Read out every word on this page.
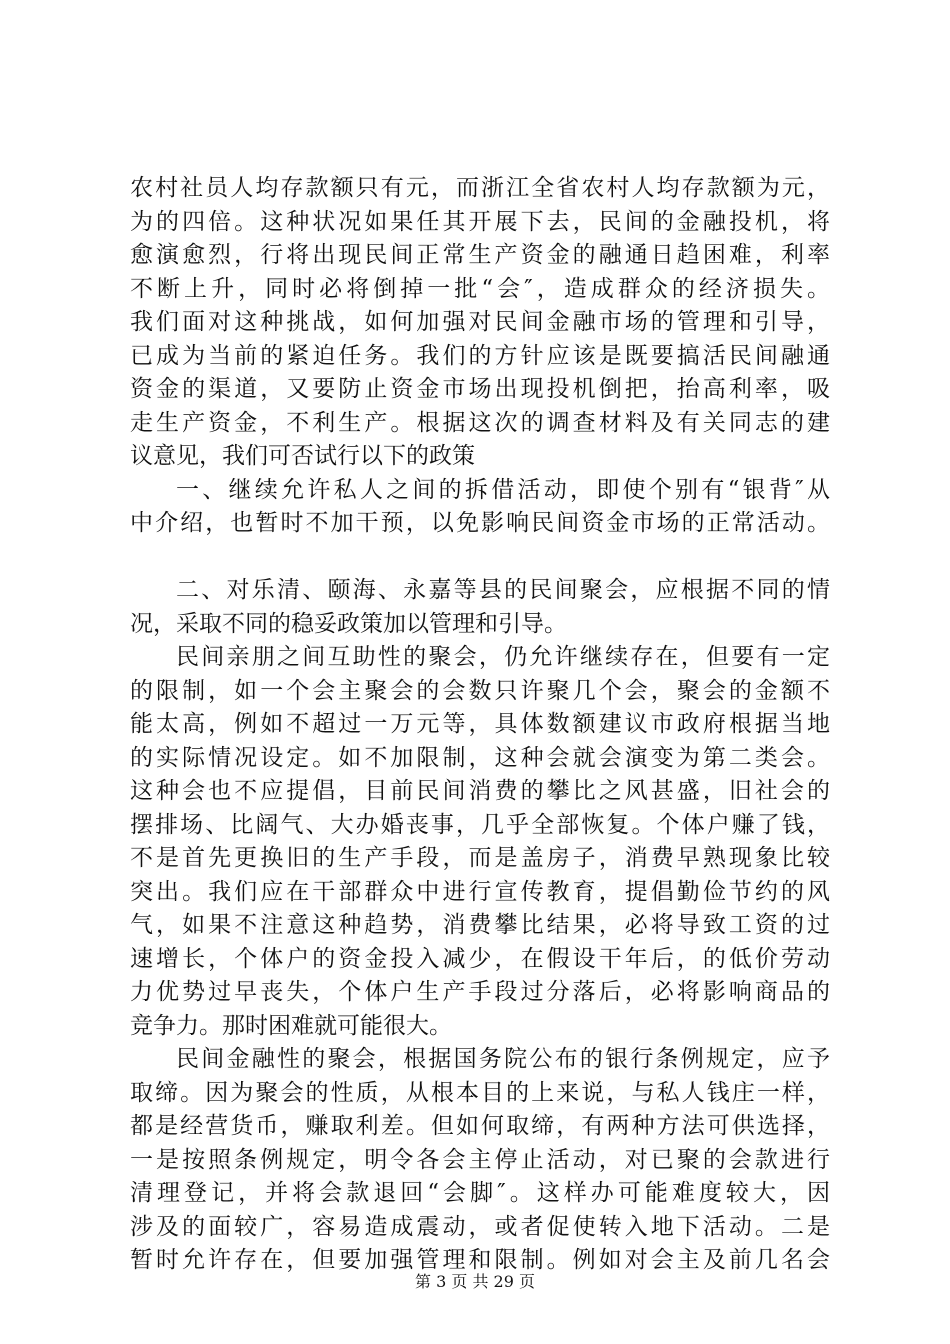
农村社员人均存款额只有元，而浙江全省农村人均存款额为元，
为的四倍。这种状况如果任其开展下去，民间的金融投机，将
愈演愈烈，行将出现民间正常生产资金的融通日趋困难，利率
不断上升，同时必将倒掉一批“会″，造成群众的经济损失。
我们面对这种挑战，如何加强对民间金融市场的管理和引导，
已成为当前的紧迫任务。我们的方针应该是既要搞活民间融通
资金的渠道，又要防止资金市场出现投机倒把，抬高利率，吸
走生产资金，不利生产。根据这次的调查材料及有关同志的建
议意见，我们可否试行以下的政策
一、继续允许私人之间的拆借活动，即使个别有“银背″从
中介绍，也暂时不加干预，以免影响民间资金市场的正常活动。
二、对乐清、颐海、永嘉等县的民间聚会，应根据不同的情
况，采取不同的稳妥政策加以管理和引导。
民间亲朋之间互助性的聚会，仍允许继续存在，但要有一定
的限制，如一个会主聚会的会数只许聚几个会，聚会的金额不
能太高，例如不超过一万元等，具体数额建议市政府根据当地
的实际情况设定。如不加限制，这种会就会演变为第二类会。
这种会也不应提倡，目前民间消费的攀比之风甚盛，旧社会的
摆排场、比阔气、大办婚丧事，几乎全部恢复。个体户赚了钱，
不是首先更换旧的生产手段，而是盖房子，消费早熟现象比较
突出。我们应在干部群众中进行宣传教育，提倡勤俭节约的风
气，如果不注意这种趋势，消费攀比结果，必将导致工资的过
速增长，个体户的资金投入减少，在假设干年后，的低价劳动
力优势过早丧失，个体户生产手段过分落后，必将影响商品的
竞争力。那时困难就可能很大。
民间金融性的聚会，根据国务院公布的银行条例规定，应予
取缔。因为聚会的性质，从根本目的上来说，与私人钱庄一样，
都是经营货币，赚取利差。但如何取缔，有两种方法可供选择，
一是按照条例规定，明令各会主停止活动，对已聚的会款进行
清理登记，并将会款退回“会脚″。这样办可能难度较大，因
涉及的面较广，容易造成震动，或者促使转入地下活动。二是
暂时允许存在，但要加强管理和限制。例如对会主及前几名会
第 3 页 共 29 页
